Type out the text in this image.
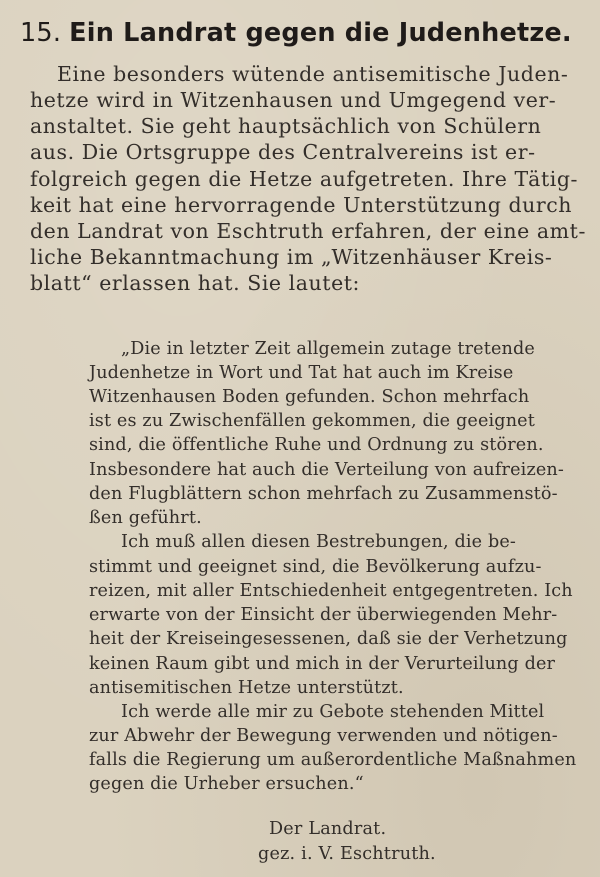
15. Ein Landrat gegen die Judenhetze.
Eine besonders wütende antisemitische Juden-
hetze wird in Witzenhausen und Umgegend ver-
anstaltet. Sie geht hauptsächlich von Schülern
aus. Die Ortsgruppe des Centralvereins ist er-
folgreich gegen die Hetze aufgetreten. Ihre Tätig-
keit hat eine hervorragende Unterstützung durch
den Landrat von Eschtruth erfahren, der eine amt-
liche Bekanntmachung im „Witzenhäuser Kreis-
blatt“ erlassen hat. Sie lautet:
„Die in letzter Zeit allgemein zutage tretende
Judenhetze in Wort und Tat hat auch im Kreise
Witzenhausen Boden gefunden. Schon mehrfach
ist es zu Zwischenfällen gekommen, die geeignet
sind, die öffentliche Ruhe und Ordnung zu stören.
Insbesondere hat auch die Verteilung von aufreizen-
den Flugblättern schon mehrfach zu Zusammenstö-
ßen geführt.
Ich muß allen diesen Bestrebungen, die be-
stimmt und geeignet sind, die Bevölkerung aufzu-
reizen, mit aller Entschiedenheit entgegentreten. Ich
erwarte von der Einsicht der überwiegenden Mehr-
heit der Kreiseingesessenen, daß sie der Verhetzung
keinen Raum gibt und mich in der Verurteilung der
antisemitischen Hetze unterstützt.
Ich werde alle mir zu Gebote stehenden Mittel
zur Abwehr der Bewegung verwenden und nötigen-
falls die Regierung um außerordentliche Maßnahmen
gegen die Urheber ersuchen.“
Der Landrat.
gez. i. V. Eschtruth.
